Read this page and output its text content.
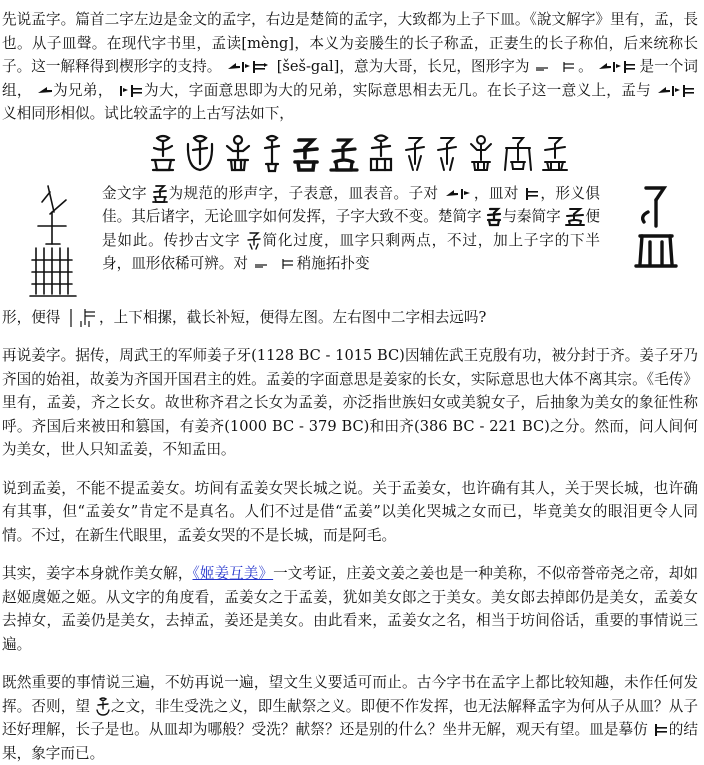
先说孟字。篇首二字左边是金文的孟字，右边是楚简的孟字，大致都为上子下皿。《說文解字》里有，孟，長也。从子皿聲。在现代字书里，孟读[mèng]，本义为妾媵生的长子称孟，正妻生的长子称伯，后来统称长子。这一解释得到楔形字的支持。	[šeš-gal]，意为大哥，长兄，图形字为	。	是一个词组， 为兄弟， 为大，字面意思即为大的兄弟，实际意思相去无几。在长子这一意义上，孟与
义相同形相似。试比较孟字的上古写法如下，

金文字 为规范的形声字，子表意，皿表音。子对 ，皿对 ，形义俱佳。其后诸字，无论皿字如何发挥，子字大致不变。楚简字 与秦简字 便是如此。传抄古文字 简化过度，皿字只剩两点，不过，加上子字的下半身，皿形依稀可辨。对	稍施拓扑变

形，便得	，上下相摞，截长补短，便得左图。左右图中二字相去远吗?

再说姜字。据传，周武王的军师姜子牙(1128 BC - 1015 BC)因辅佐武王克殷有功，被分封于齐。姜子牙乃齐国的始祖，故姜为齐国开国君主的姓。孟姜的字面意思是姜家的长女，实际意思也大体不离其宗。《毛传》里有，孟姜，齐之长女。故世称齐君之长女为孟姜，亦泛指世族妇女或美貌女子，后抽象为美女的象征性称呼。齐国后来被田和篡国，有姜齐(1000 BC - 379 BC)和田齐(386 BC - 221 BC)之分。然而，问人间何为美女，世人只知孟姜，不知孟田。

说到孟姜，不能不提孟姜女。坊间有孟姜女哭长城之说。关于孟姜女，也许确有其人，关于哭长城，也许确有其事，但“孟姜女”肯定不是真名。人们不过是借“孟姜”以美化哭城之女而已，毕竟美女的眼泪更令人同情。不过，在新生代眼里，孟姜女哭的不是长城，而是阿毛。

其实，姜字本身就作美女解，《姬姜互美》一文考证，庄姜文姜之姜也是一种美称，不似帝誉帝尧之帝，却如赵姬虞姬之姬。从文字的角度看，孟姜女之于孟姜，犹如美女郎之于美女。美女郎去掉郎仍是美女，孟姜女去掉女，孟姜仍是美女，去掉孟，姜还是美女。由此看来，孟姜女之名，相当于坊间俗话，重要的事情说三遍。

既然重要的事情说三遍，不妨再说一遍，望文生义要适可而止。古今字书在孟字上都比较知趣，未作任何发挥。否则，望 之文，非生受洗之义，即生献祭之义。即便不作发挥，也无法解释孟字为何从子从皿？从子还好理解，长子是也。从皿却为哪般？受洗？献祭？还是别的什么？坐井无解，观天有望。皿是摹仿 的结果，象字而已。
